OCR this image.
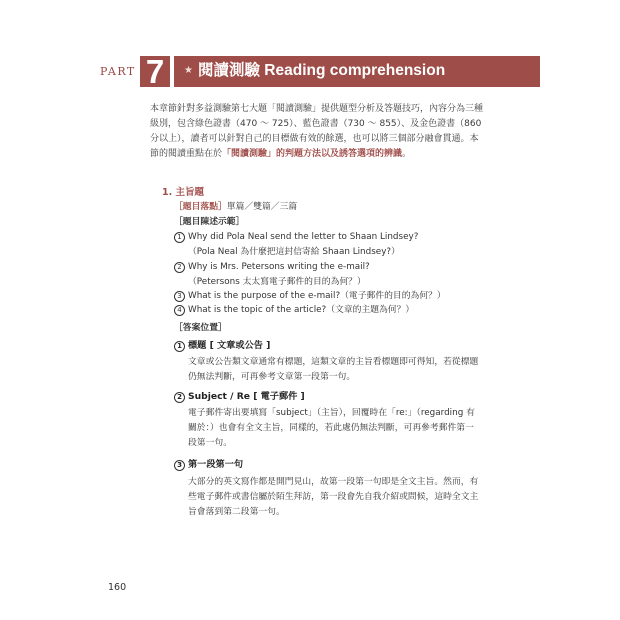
PART 7	★ 閱讀測驗 Reading comprehension
本章節針對多益測驗第七大題「閱讀測驗」提供題型分析及答題技巧，內容分為三種
級別，包含綠色證書（470 ～ 725）、藍色證書（730 ～ 855）、及金色證書（860
分以上），讀者可以針對自己的目標做有效的餘選，也可以將三個部分融會貫通。本
節的閱讀重點在於「閱讀測驗」的判題方法以及誘答選項的辨識。
1. 主旨題
［題目落點］單篇／雙篇／三篇
［題目陳述示範］
1 Why did Pola Neal send the letter to Shaan Lindsey?
（Pola Neal 為什麼把這封信寄給 Shaan Lindsey?）
2 Why is Mrs. Petersons writing the e-mail?
（Petersons 太太寫電子郵件的目的為何？）
3 What is the purpose of the e-mail?（電子郵件的目的為何？）
4 What is the topic of the article?（文章的主題為何？）
［答案位置］
1 標題 [ 文章或公告 ]
文章或公告類文章通常有標題，這類文章的主旨看標題即可得知，若從標題
仍無法判斷，可再參考文章第一段第一句。
2 Subject / Re [ 電子郵件 ]
電子郵件寄出要填寫「subject」（主旨），回覆時在「re:」（regarding 有
關於：）也會有全文主旨，同樣的，若此處仍無法判斷，可再參考郵件第一
段第一句。
3 第一段第一句
大部分的英文寫作都是開門見山，故第一段第一句即是全文主旨。然而，有
些電子郵件或書信屬於陌生拜訪，第一段會先自我介紹或問候，這時全文主
旨會落到第二段第一句。
160
